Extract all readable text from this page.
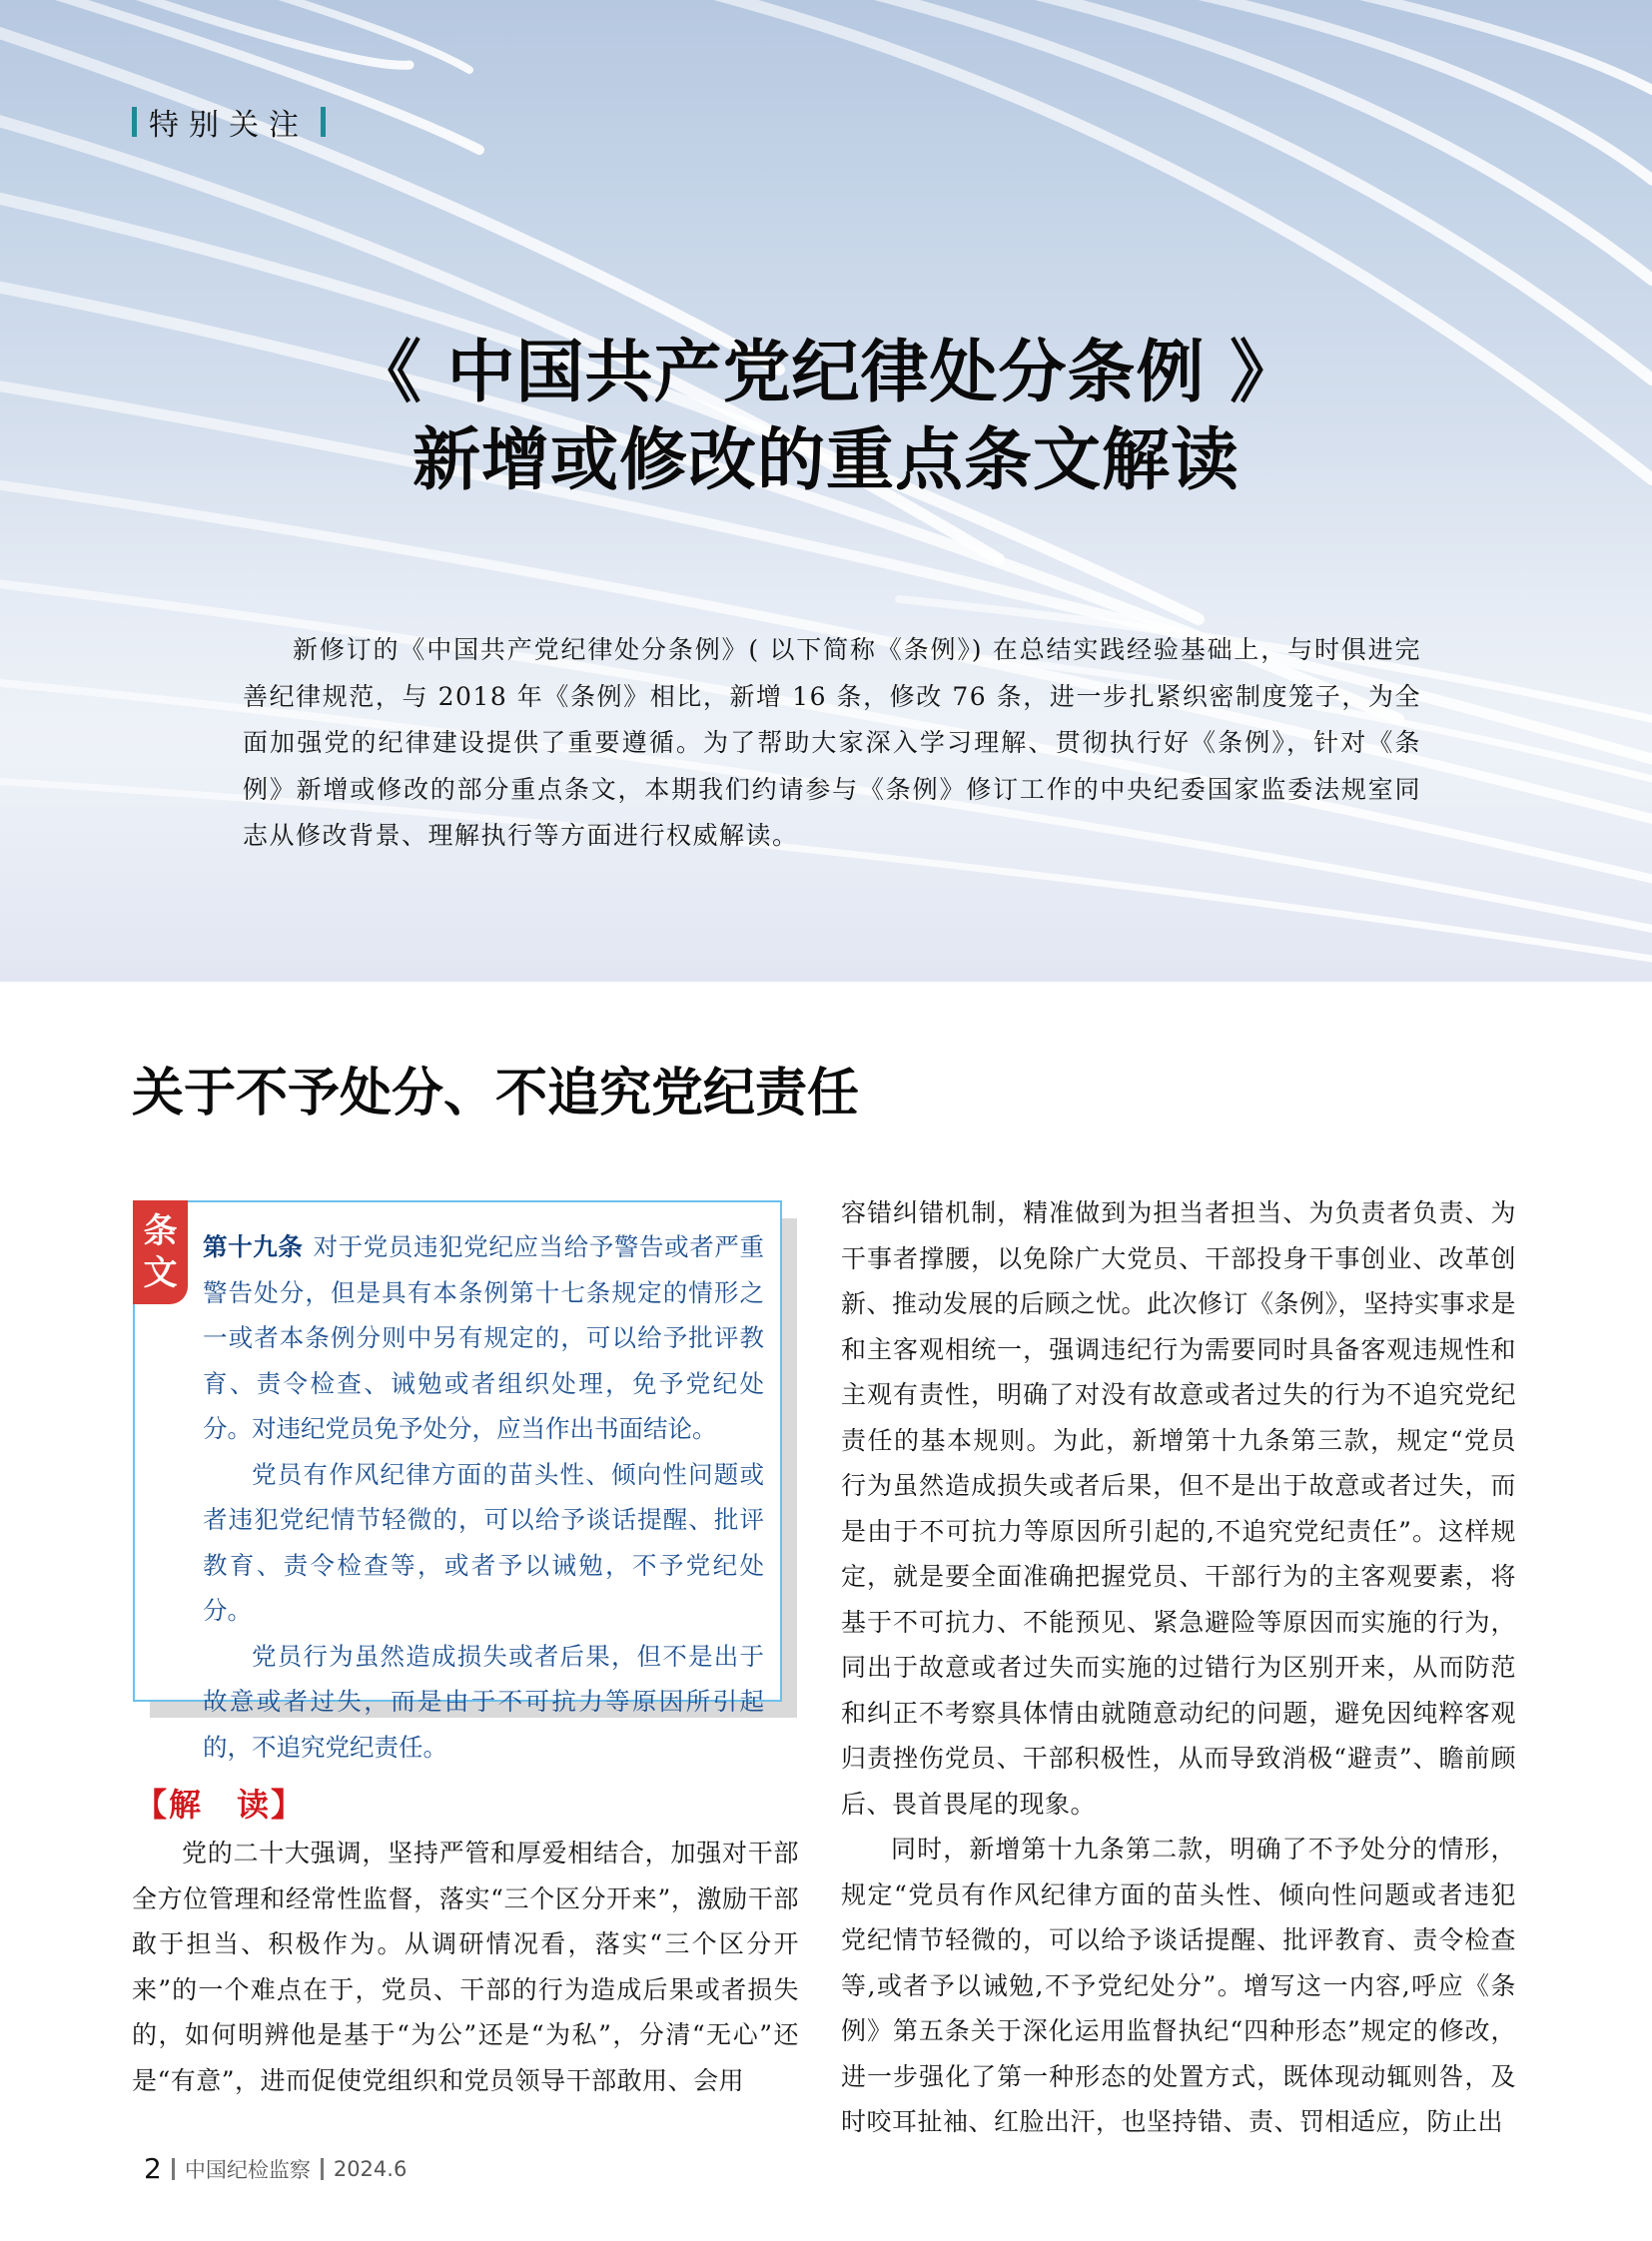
特别关注
《 中国共产党纪律处分条例 》
新增或修改的重点条文解读

新修订的《中国共产党纪律处分条例》( 以下简称《条例》) 在总结实践经验基础上，与时俱进完善纪律规范，与 2018 年《条例》相比，新增 16 条，修改 76 条，进一步扎紧织密制度笼子，为全面加强党的纪律建设提供了重要遵循。为了帮助大家深入学习理解、贯彻执行好《条例》，针对《条例》新增或修改的部分重点条文，本期我们约请参与《条例》修订工作的中央纪委国家监委法规室同志从修改背景、理解执行等方面进行权威解读。

关于不予处分、不追究党纪责任
条
文

第十九条 对于党员违犯党纪应当给予警告或者严重警告处分，但是具有本条例第十七条规定的情形之一或者本条例分则中另有规定的，可以给予批评教育、责令检查、诫勉或者组织处理，免予党纪处分。对违纪党员免予处分，应当作出书面结论。

党员有作风纪律方面的苗头性、倾向性问题或者违犯党纪情节轻微的，可以给予谈话提醒、批评教育、责令检查等，或者予以诫勉，不予党纪处分。

党员行为虽然造成损失或者后果，但不是出于故意或者过失，而是由于不可抗力等原因所引起的，不追究党纪责任。

【解　读】

党的二十大强调，坚持严管和厚爱相结合，加强对干部全方位管理和经常性监督，落实“三个区分开来”，激励干部敢于担当、积极作为。从调研情况看，落实“三个区分开来”的一个难点在于，党员、干部的行为造成后果或者损失的，如何明辨他是基于“为公”还是“为私”，分清“无心”还是“有意”，进而促使党组织和党员领导干部敢用、会用

容错纠错机制，精准做到为担当者担当、为负责者负责、为干事者撑腰，以免除广大党员、干部投身干事创业、改革创新、推动发展的后顾之忧。此次修订《条例》，坚持实事求是和主客观相统一，强调违纪行为需要同时具备客观违规性和主观有责性，明确了对没有故意或者过失的行为不追究党纪责任的基本规则。为此，新增第十九条第三款，规定“党员行为虽然造成损失或者后果，但不是出于故意或者过失，而是由于不可抗力等原因所引起的,不追究党纪责任”。这样规定，就是要全面准确把握党员、干部行为的主客观要素，将基于不可抗力、不能预见、紧急避险等原因而实施的行为，同出于故意或者过失而实施的过错行为区别开来，从而防范和纠正不考察具体情由就随意动纪的问题，避免因纯粹客观归责挫伤党员、干部积极性，从而导致消极“避责”、瞻前顾后、畏首畏尾的现象。

同时，新增第十九条第二款，明确了不予处分的情形，规定“党员有作风纪律方面的苗头性、倾向性问题或者违犯党纪情节轻微的，可以给予谈话提醒、批评教育、责令检查等,或者予以诫勉,不予党纪处分”。增写这一内容,呼应《条例》第五条关于深化运用监督执纪“四种形态”规定的修改，进一步强化了第一种形态的处置方式，既体现动辄则咎，及时咬耳扯袖、红脸出汗，也坚持错、责、罚相适应，防止出

2 中国纪检监察 2024.6
